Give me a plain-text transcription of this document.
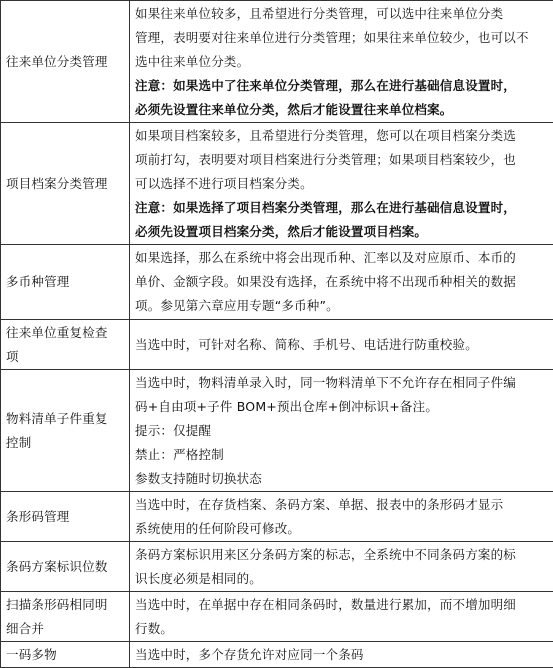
往来单位分类管理	如果往来单位较多，且希望进行分类管理，可以选中往来单位分类
管理，表明要对往来单位进行分类管理；如果往来单位较少，也可以不
选中往来单位分类。
注意：如果选中了往来单位分类管理，那么在进行基础信息设置时，
必须先设置往来单位分类，然后才能设置往来单位档案。

项目档案分类管理	如果项目档案较多，且希望进行分类管理，您可以在项目档案分类选
项前打勾，表明要对项目档案进行分类管理；如果项目档案较少，也
可以选择不进行项目档案分类。
注意：如果选择了项目档案分类管理，那么在进行基础信息设置时，
必须先设置项目档案分类，然后才能设置项目档案。

多币种管理	如果选择，那么在系统中将会出现币种、汇率以及对应原币、本币的
单价、金额字段。如果没有选择，在系统中将不出现币种相关的数据
项。参见第六章应用专题“多币种”。

往来单位重复检查
项	当选中时，可针对名称、简称、手机号、电话进行防重校验。

物料清单子件重复
控制	当选中时，物料清单录入时，同一物料清单下不允许存在相同子件编
码+自由项+子件 BOM+预出仓库+倒冲标识+备注。
提示：仅提醒
禁止：严格控制
参数支持随时切换状态

条形码管理	当选中时，在存货档案、条码方案、单据、报表中的条形码才显示
系统使用的任何阶段可修改。

条码方案标识位数	条码方案标识用来区分条码方案的标志，全系统中不同条码方案的标
识长度必须是相同的。

扫描条形码相同明
细合并	当选中时，在单据中存在相同条码时，数量进行累加，而不增加明细
行数。

一码多物	当选中时，多个存货允许对应同一个条码
